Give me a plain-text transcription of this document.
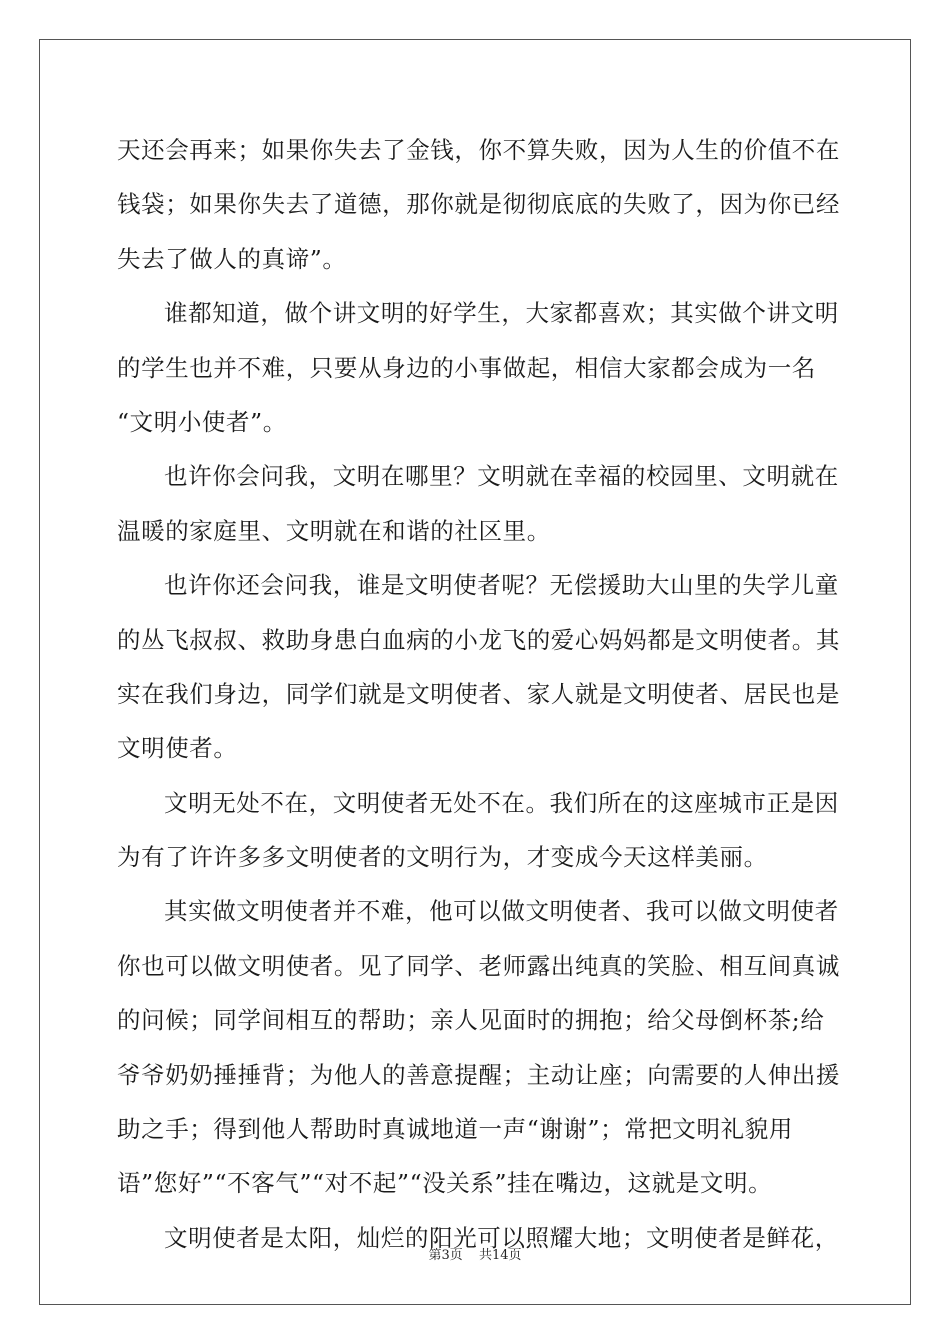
天还会再来；如果你失去了金钱，你不算失败，因为人生的价值不在
钱袋；如果你失去了道德，那你就是彻彻底底的失败了，因为你已经
失去了做人的真谛”。
谁都知道，做个讲文明的好学生，大家都喜欢；其实做个讲文明
的学生也并不难，只要从身边的小事做起，相信大家都会成为一名
“文明小使者”。
也许你会问我，文明在哪里？文明就在幸福的校园里、文明就在
温暖的家庭里、文明就在和谐的社区里。
也许你还会问我，谁是文明使者呢？无偿援助大山里的失学儿童
的丛飞叔叔、救助身患白血病的小龙飞的爱心妈妈都是文明使者。其
实在我们身边，同学们就是文明使者、家人就是文明使者、居民也是
文明使者。
文明无处不在，文明使者无处不在。我们所在的这座城市正是因
为有了许许多多文明使者的文明行为，才变成今天这样美丽。
其实做文明使者并不难，他可以做文明使者、我可以做文明使者
你也可以做文明使者。见了同学、老师露出纯真的笑脸、相互间真诚
的问候；同学间相互的帮助；亲人见面时的拥抱；给父母倒杯茶;给
爷爷奶奶捶捶背；为他人的善意提醒；主动让座；向需要的人伸出援
助之手；得到他人帮助时真诚地道一声“谢谢”；常把文明礼貌用
语”您好”“不客气”“对不起”“没关系”挂在嘴边，这就是文明。
文明使者是太阳，灿烂的阳光可以照耀大地；文明使者是鲜花，
第3页 共14页
